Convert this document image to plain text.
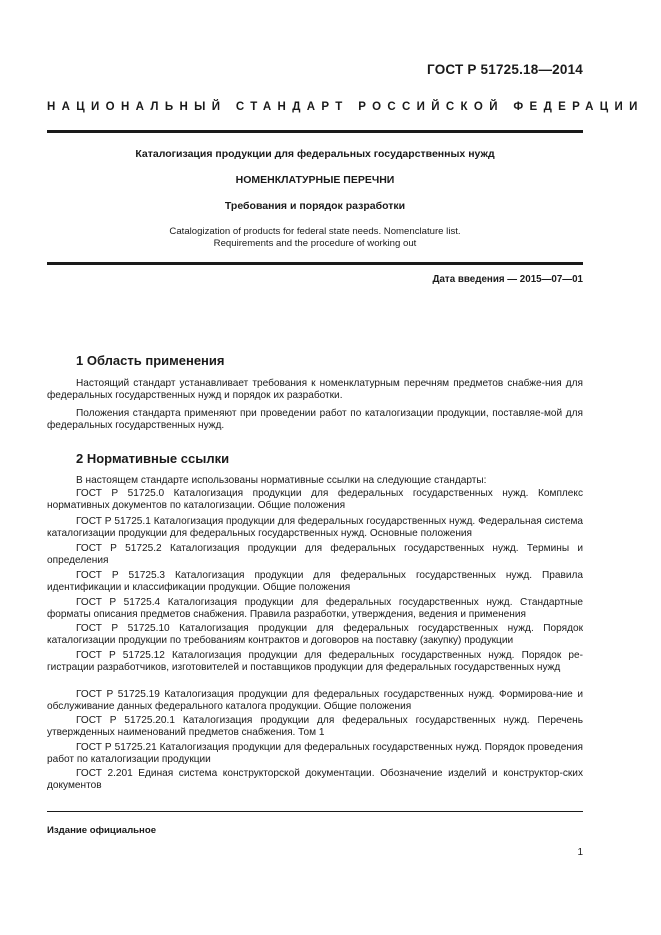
ГОСТ Р 51725.18—2014
НАЦИОНАЛЬНЫЙ СТАНДАРТ РОССИЙСКОЙ ФЕДЕРАЦИИ
Каталогизация продукции для федеральных государственных нужд
НОМЕНКЛАТУРНЫЕ ПЕРЕЧНИ
Требования и порядок разработки
Catalogization of products for federal state needs. Nomenclature list.
Requirements and the procedure of working out
Дата введения — 2015—07—01
1 Область применения

Настоящий стандарт устанавливает требования к номенклатурным перечням предметов снабже-ния для федеральных государственных нужд и порядок их разработки.

Положения стандарта применяют при проведении работ по каталогизации продукции, поставляе-мой для федеральных государственных нужд.

2 Нормативные ссылки

В настоящем стандарте использованы нормативные ссылки на следующие стандарты:

ГОСТ Р 51725.0 Каталогизация продукции для федеральных государственных нужд. Комплекс нормативных документов по каталогизации. Общие положения

ГОСТ Р 51725.1 Каталогизация продукции для федеральных государственных нужд. Федеральная система каталогизации продукции для федеральных государственных нужд. Основные положения

ГОСТ Р 51725.2 Каталогизация продукции для федеральных государственных нужд. Термины и определения

ГОСТ Р 51725.3 Каталогизация продукции для федеральных государственных нужд. Правила идентификации и классификации продукции. Общие положения

ГОСТ Р 51725.4 Каталогизация продукции для федеральных государственных нужд. Стандартные форматы описания предметов снабжения. Правила разработки, утверждения, ведения и применения

ГОСТ Р 51725.10 Каталогизация продукции для федеральных государственных нужд. Порядок каталогизации продукции по требованиям контрактов и договоров на поставку (закупку) продукции

ГОСТ Р 51725.12 Каталогизация продукции для федеральных государственных нужд. Порядок ре-гистрации разработчиков, изготовителей и поставщиков продукции для федеральных государственных нужд

ГОСТ Р 51725.19 Каталогизация продукции для федеральных государственных нужд. Формирова-ние и обслуживание данных федерального каталога продукции. Общие положения

ГОСТ Р 51725.20.1 Каталогизация продукции для федеральных государственных нужд. Перечень утвержденных наименований предметов снабжения. Том 1

ГОСТ Р 51725.21 Каталогизация продукции для федеральных государственных нужд. Порядок проведения работ по каталогизации продукции

ГОСТ 2.201 Единая система конструкторской документации. Обозначение изделий и конструктор-ских документов

Издание официальное
1
